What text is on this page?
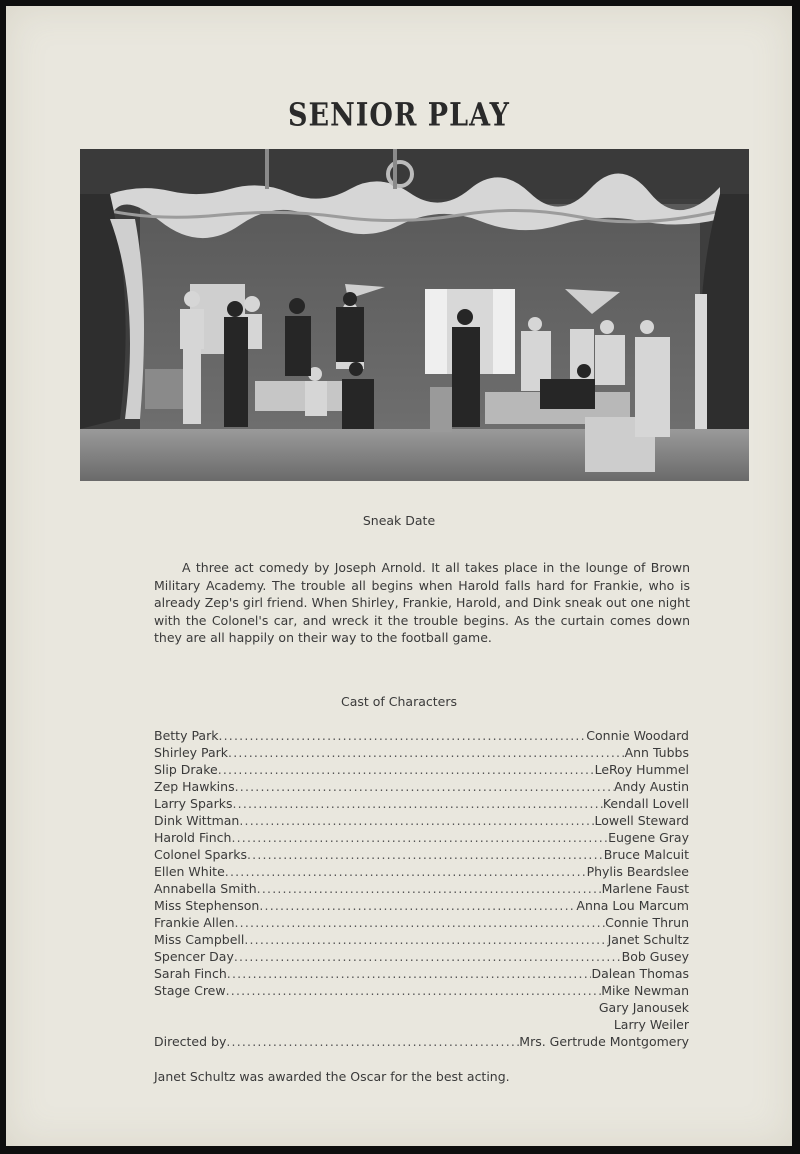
SENIOR PLAY
Sneak Date
A three act comedy by Joseph Arnold. It all takes place in the lounge of Brown Military Academy. The trouble all begins when Harold falls hard for Frankie, who is already Zep's girl friend. When Shirley, Frankie, Harold, and Dink sneak out one night with the Colonel's car, and wreck it the trouble begins. As the curtain comes down they are all happily on their way to the football game.
Cast of Characters
Betty Park .....	Connie Woodard
Shirley Park .....	Ann Tubbs
Slip Drake .....	LeRoy Hummel
Zep Hawkins .....	Andy Austin
Larry Sparks .....	Kendall Lovell
Dink Wittman .....	Lowell Steward
Harold Finch .....	Eugene Gray
Colonel Sparks .....	Bruce Malcuit
Ellen White .....	Phylis Beardslee
Annabella Smith .....	Marlene Faust
Miss Stephenson .....	Anna Lou Marcum
Frankie Allen .....	Connie Thrun
Miss Campbell .....	Janet Schultz
Spencer Day .....	Bob Gusey
Sarah Finch .....	Dalean Thomas
Stage Crew .....	Mike Newman
Gary Janousek
Larry Weiler
Directed by .....	Mrs. Gertrude Montgomery
Janet Schultz was awarded the Oscar for the best acting.
